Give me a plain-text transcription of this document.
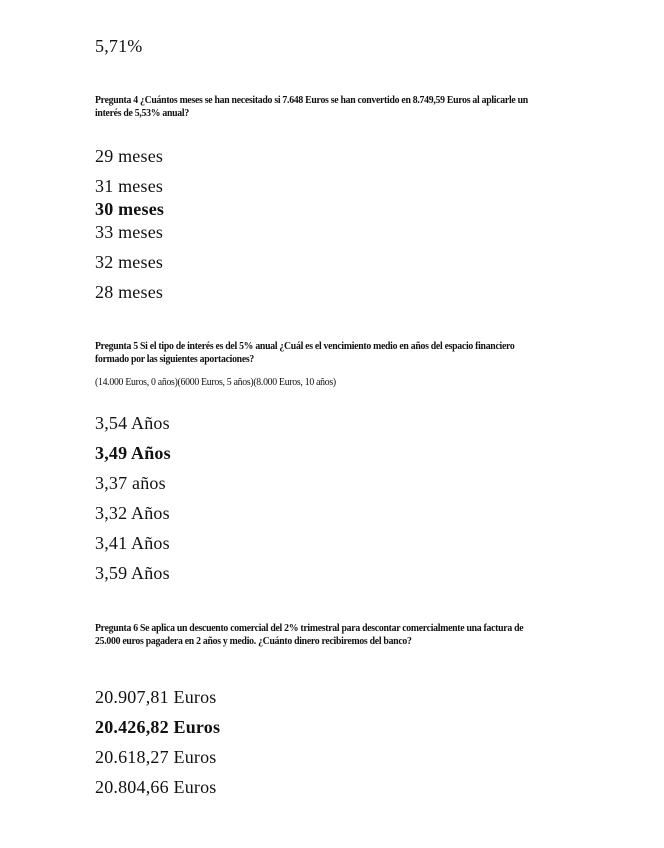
5,71%
Pregunta 4 ¿Cuántos meses se han necesitado si 7.648 Euros se han convertido en 8.749,59 Euros al aplicarle un interés de 5,53% anual?
29 meses
31 meses
30 meses
33 meses
32 meses
28 meses
Pregunta 5 Si el tipo de interés es del 5% anual ¿Cuál es el vencimiento medio en años del espacio financiero formado por las siguientes aportaciones?
(14.000 Euros, 0 años)(6000 Euros, 5 años)(8.000 Euros, 10 años)
3,54 Años
3,49 Años
3,37 años
3,32 Años
3,41 Años
3,59 Años
Pregunta 6 Se aplica un descuento comercial del 2% trimestral para descontar comercialmente una factura de 25.000 euros pagadera en 2 años y medio. ¿Cuánto dinero recibiremos del banco?
20.907,81 Euros
20.426,82 Euros
20.618,27 Euros
20.804,66 Euros
